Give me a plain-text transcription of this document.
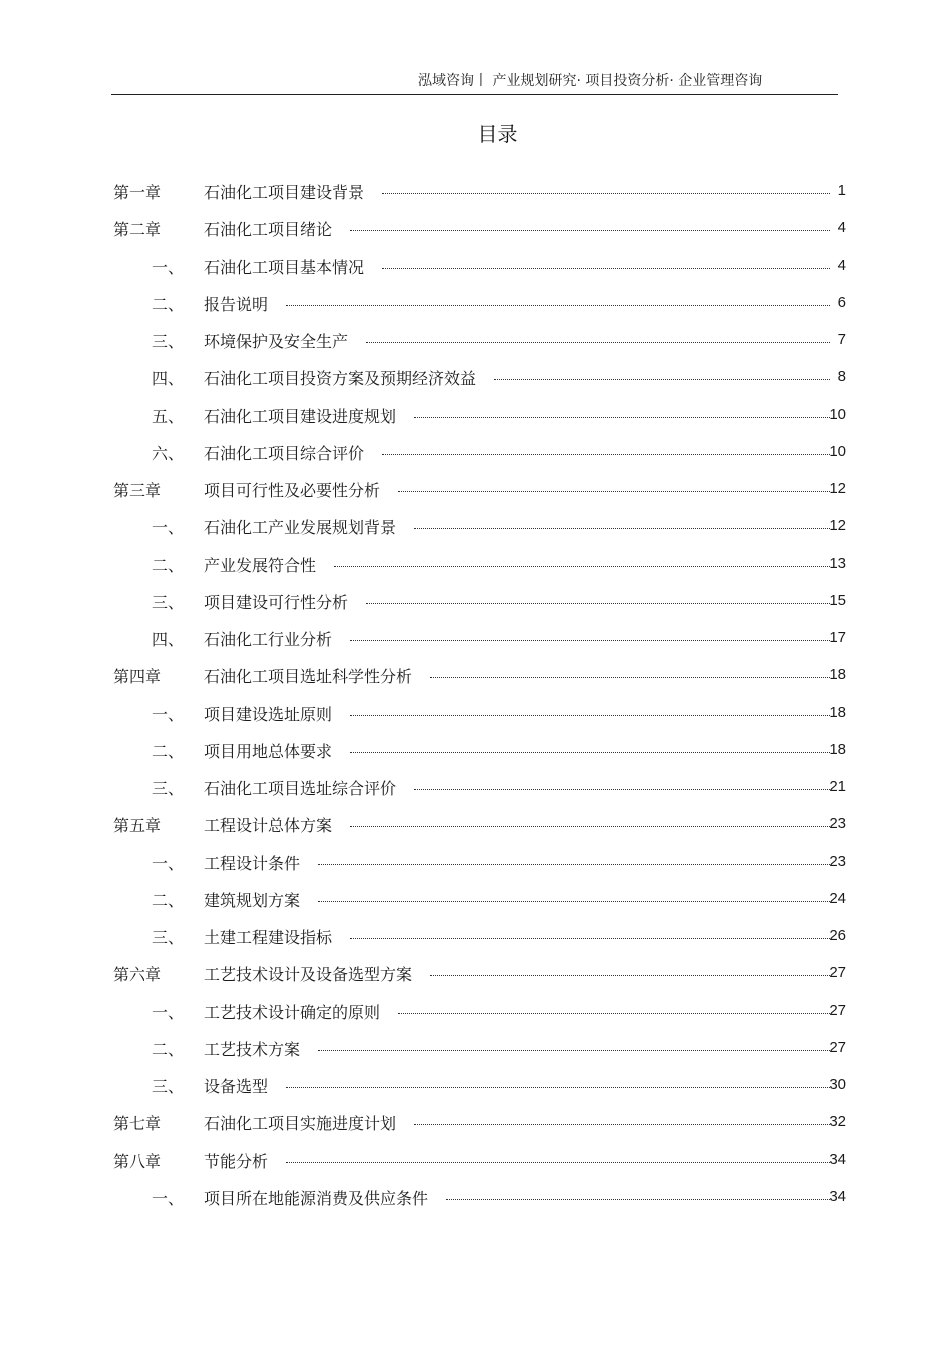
泓域咨询丨 产业规划研究· 项目投资分析· 企业管理咨询
目录
第一章	石油化工项目建设背景	1
第二章	石油化工项目绪论	4
一、 石油化工项目基本情况	4
二、 报告说明	6
三、 环境保护及安全生产	7
四、 石油化工项目投资方案及预期经济效益	8
五、 石油化工项目建设进度规划	10
六、 石油化工项目综合评价	10
第三章	项目可行性及必要性分析	12
一、 石油化工产业发展规划背景	12
二、 产业发展符合性	13
三、 项目建设可行性分析	15
四、 石油化工行业分析	17
第四章	石油化工项目选址科学性分析	18
一、 项目建设选址原则	18
二、 项目用地总体要求	18
三、 石油化工项目选址综合评价	21
第五章	工程设计总体方案	23
一、 工程设计条件	23
二、 建筑规划方案	24
三、 土建工程建设指标	26
第六章	工艺技术设计及设备选型方案	27
一、 工艺技术设计确定的原则	27
二、 工艺技术方案	27
三、 设备选型	30
第七章	石油化工项目实施进度计划	32
第八章	节能分析	34
一、 项目所在地能源消费及供应条件	34
